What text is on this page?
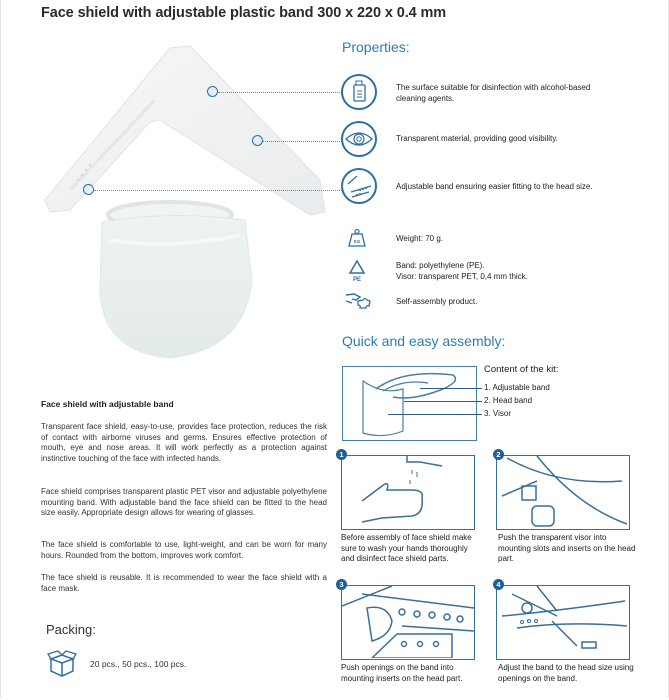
Face shield with adjustable plastic band 300 x 220 x 0.4 mm
Properties:
The surface suitable for disinfection with alcohol-based
cleaning agents.
Transparent material, providing good visibility.
Adjustable band ensuring easier fitting to the head size.
KG	Weight: 70 g.
PE
Band: polyethylene (PE).
Visor: transparent PET, 0,4 mm thick.
Self-assembly product.
Quick and easy assembly:
Content of the kit:
1. Adjustable band
2. Head band
3. Visor
1
Before assembly of face shield make sure to wash your hands thoroughly and disinfect face shield parts.
2
Push the transparent visor into mounting slots and inserts on the head part.
3
Push openings on the band into mounting inserts on the head part.
4
Adjust the band to the head size using openings on the band.
Face shield with adjustable band
Transparent face shield, easy-to-use, provides face protection, reduces the risk of contact with airborne viruses and germs. Ensures effective protection of mouth, eye and nose areas. It will work perfectly as a protection against instinctive touching of the face with infected hands.
Face shield comprises transparent plastic PET visor and adjustable polyethylene mounting band. With adjustable band the face shield can be fitted to the head size easily. Appropriate design allows for wearing of glasses.
The face shield is comfortable to use, light-weight, and can be worn for many hours. Rounded from the bottom, improves work comfort.
The face shield is reusable. It is recommended to wear the face shield with a face mask.
Packing:
20 pcs., 50 pcs., 100 pcs.
